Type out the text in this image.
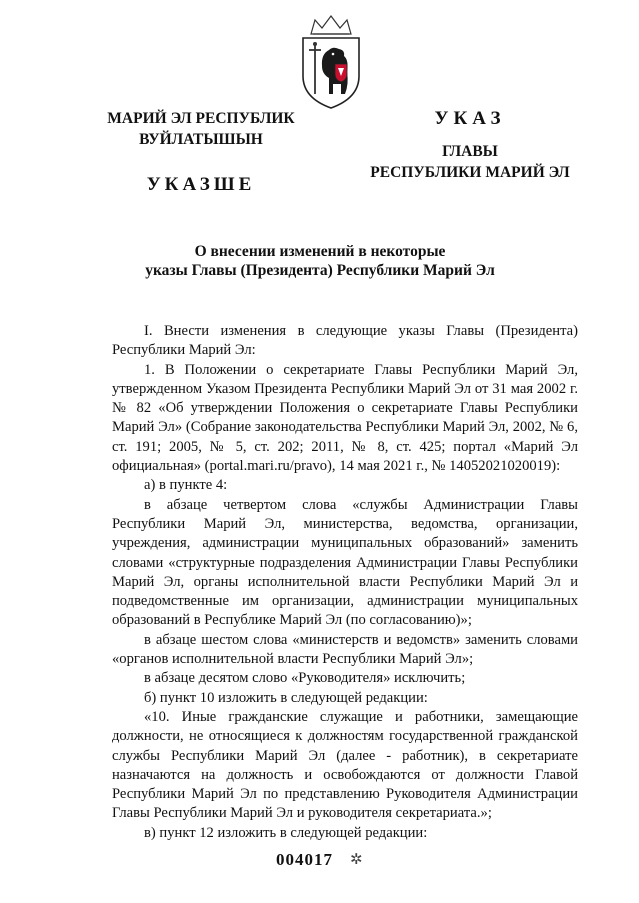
МАРИЙ ЭЛ РЕСПУБЛИК
ВУЙЛАТЫШЫН
УКАЗШЕ
УКАЗ
ГЛАВЫ
РЕСПУБЛИКИ МАРИЙ ЭЛ
О внесении изменений в некоторые
указы Главы (Президента) Республики Марий Эл

I. Внести изменения в следующие указы Главы (Президента) Республики Марий Эл:

1. В Положении о секретариате Главы Республики Марий Эл, утвержденном Указом Президента Республики Марий Эл от 31 мая 2002 г. № 82 «Об утверждении Положения о секретариате Главы Республики Марий Эл» (Собрание законодательства Республики Марий Эл, 2002, № 6, ст. 191; 2005, № 5, ст. 202; 2011, № 8, ст. 425; портал «Марий Эл официальная» (portal.mari.ru/pravo), 14 мая 2021 г., № 14052021020019):

а) в пункте 4:

в абзаце четвертом слова «службы Администрации Главы Республики Марий Эл, министерства, ведомства, организации, учреждения, администрации муниципальных образований» заменить словами «структурные подразделения Администрации Главы Республики Марий Эл, органы исполнительной власти Республики Марий Эл и подведомственные им организации, администрации муниципальных образований в Республике Марий Эл (по согласованию)»;

в абзаце шестом слова «министерств и ведомств» заменить словами «органов исполнительной власти Республики Марий Эл»;

в абзаце десятом слово «Руководителя» исключить;

б) пункт 10 изложить в следующей редакции:

«10. Иные гражданские служащие и работники, замещающие должности, не относящиеся к должностям государственной гражданской службы Республики Марий Эл (далее - работник), в секретариате назначаются на должность и освобождаются от должности Главой Республики Марий Эл по представлению Руководителя Администрации Главы Республики Марий Эл и руководителя секретариата.»;

в) пункт 12 изложить в следующей редакции:

004017 ✲
